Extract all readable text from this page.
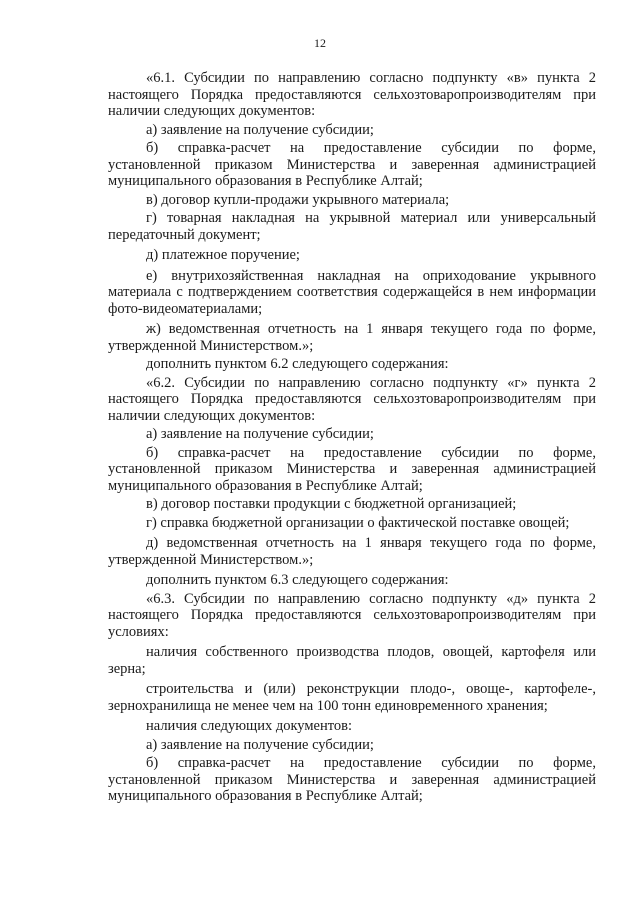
12

«6.1. Субсидии по направлению согласно подпункту «в» пункта 2 настоящего Порядка предоставляются сельхозтоваропроизводителям при наличии следующих документов:

а) заявление на получение субсидии;

б) справка-расчет на предоставление субсидии по форме, установленной приказом Министерства и заверенная администрацией муниципального образования в Республике Алтай;

в) договор купли-продажи укрывного материала;

г) товарная накладная на укрывной материал или универсальный передаточный документ;

д) платежное поручение;

е) внутрихозяйственная накладная на оприходование укрывного материала с подтверждением соответствия содержащейся в нем информации фото-видеоматериалами;

ж) ведомственная отчетность на 1 января текущего года по форме, утвержденной Министерством.»;

дополнить пунктом 6.2 следующего содержания:

«6.2. Субсидии по направлению согласно подпункту «г» пункта 2 настоящего Порядка предоставляются сельхозтоваропроизводителям при наличии следующих документов:

а) заявление на получение субсидии;

б) справка-расчет на предоставление субсидии по форме, установленной приказом Министерства и заверенная администрацией муниципального образования в Республике Алтай;

в) договор поставки продукции с бюджетной организацией;

г) справка бюджетной организации о фактической поставке овощей;

д) ведомственная отчетность на 1 января текущего года по форме, утвержденной Министерством.»;

дополнить пунктом 6.3 следующего содержания:

«6.3. Субсидии по направлению согласно подпункту «д» пункта 2 настоящего Порядка предоставляются сельхозтоваропроизводителям при условиях:

наличия собственного производства плодов, овощей, картофеля или зерна;

строительства и (или) реконструкции плодо-, овоще-, картофеле-, зернохранилища не менее чем на 100 тонн единовременного хранения;

наличия следующих документов:

а) заявление на получение субсидии;

б) справка-расчет на предоставление субсидии по форме, установленной приказом Министерства и заверенная администрацией муниципального образования в Республике Алтай;
